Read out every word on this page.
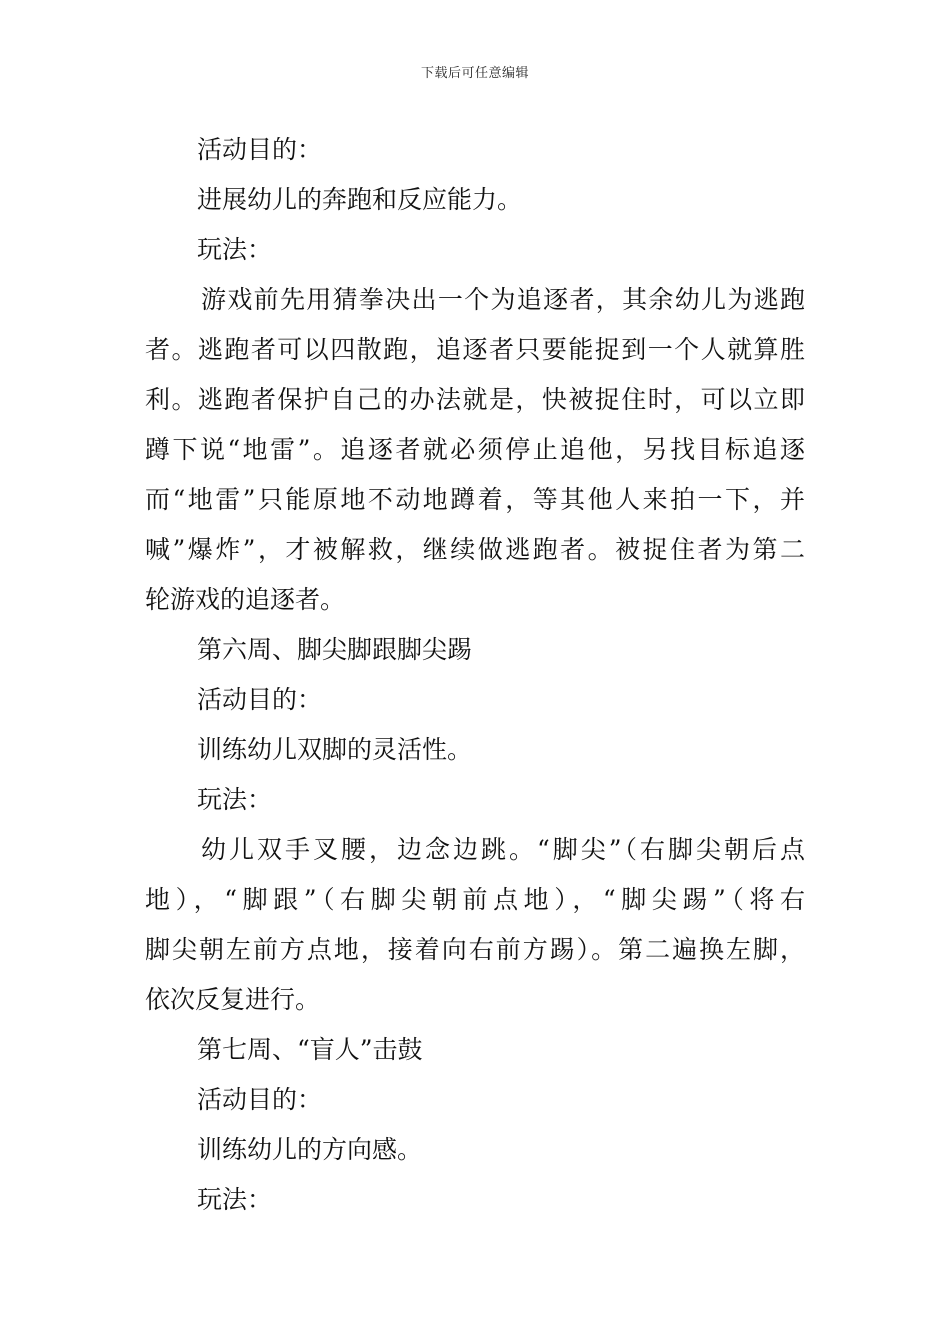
下载后可任意编辑
活动目的：
进展幼儿的奔跑和反应能力。
玩法：
游戏前先用猜拳决出一个为追逐者，其余幼儿为逃跑
者。逃跑者可以四散跑，追逐者只要能捉到一个人就算胜
利。逃跑者保护自己的办法就是，快被捉住时，可以立即
蹲下说“地雷”。追逐者就必须停止追他，另找目标追逐
而“地雷”只能原地不动地蹲着，等其他人来拍一下，并
喊”爆炸”，才被解救，继续做逃跑者。被捉住者为第二
轮游戏的追逐者。
第六周、脚尖脚跟脚尖踢
活动目的：
训练幼儿双脚的灵活性。
玩法：
幼儿双手叉腰，边念边跳。“脚尖”（右脚尖朝后点
地），“脚跟”（右脚尖朝前点地），“脚尖踢”（将右
脚尖朝左前方点地，接着向右前方踢）。第二遍换左脚，
依次反复进行。
第七周、“盲人”击鼓
活动目的：
训练幼儿的方向感。
玩法：
